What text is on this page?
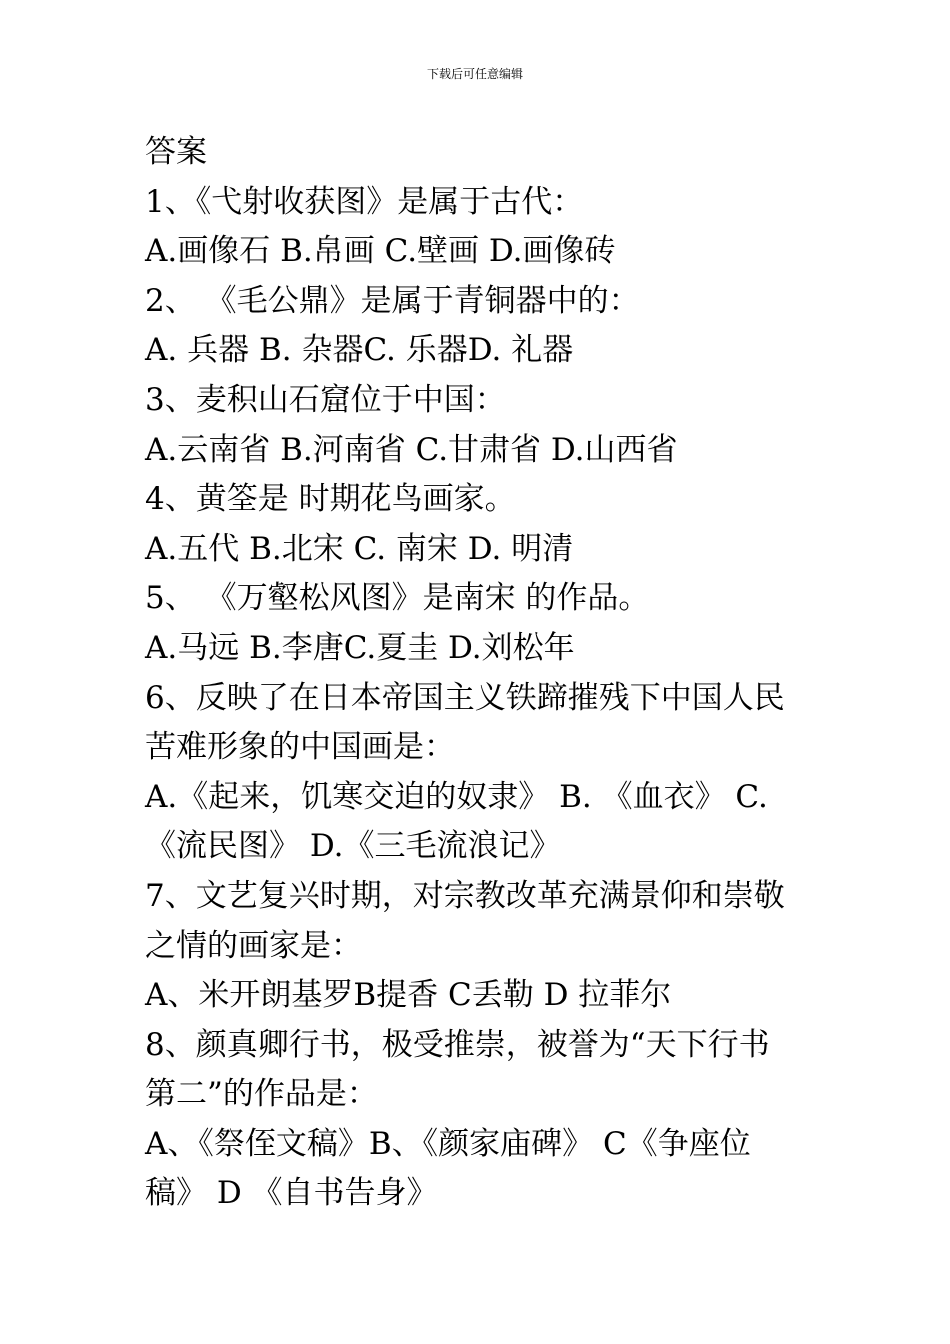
下载后可任意编辑

答案

1、《弋射收获图》是属于古代：

A.画像石 B.帛画 C.壁画 D.画像砖

2、 《毛公鼎》是属于青铜器中的：

A. 兵器 B. 杂器C. 乐器D. 礼器

3、麦积山石窟位于中国：

A.云南省 B.河南省 C.甘肃省 D.山西省

4、黄筌是 时期花鸟画家。

A.五代 B.北宋 C. 南宋 D. 明清

5、 《万壑松风图》是南宋 的作品。

A.马远 B.李唐C.夏圭 D.刘松年

6、反映了在日本帝国主义铁蹄摧残下中国人民

苦难形象的中国画是：

A.《起来，饥寒交迫的奴隶》 B. 《血衣》 C.

《流民图》 D.《三毛流浪记》

7、文艺复兴时期，对宗教改革充满景仰和崇敬

之情的画家是：

A、米开朗基罗B提香 C丢勒 D 拉菲尔

8、颜真卿行书，极受推崇，被誉为“天下行书

第二”的作品是：

A、《祭侄文稿》B、《颜家庙碑》 C《争座位

稿》 D 《自书告身》
